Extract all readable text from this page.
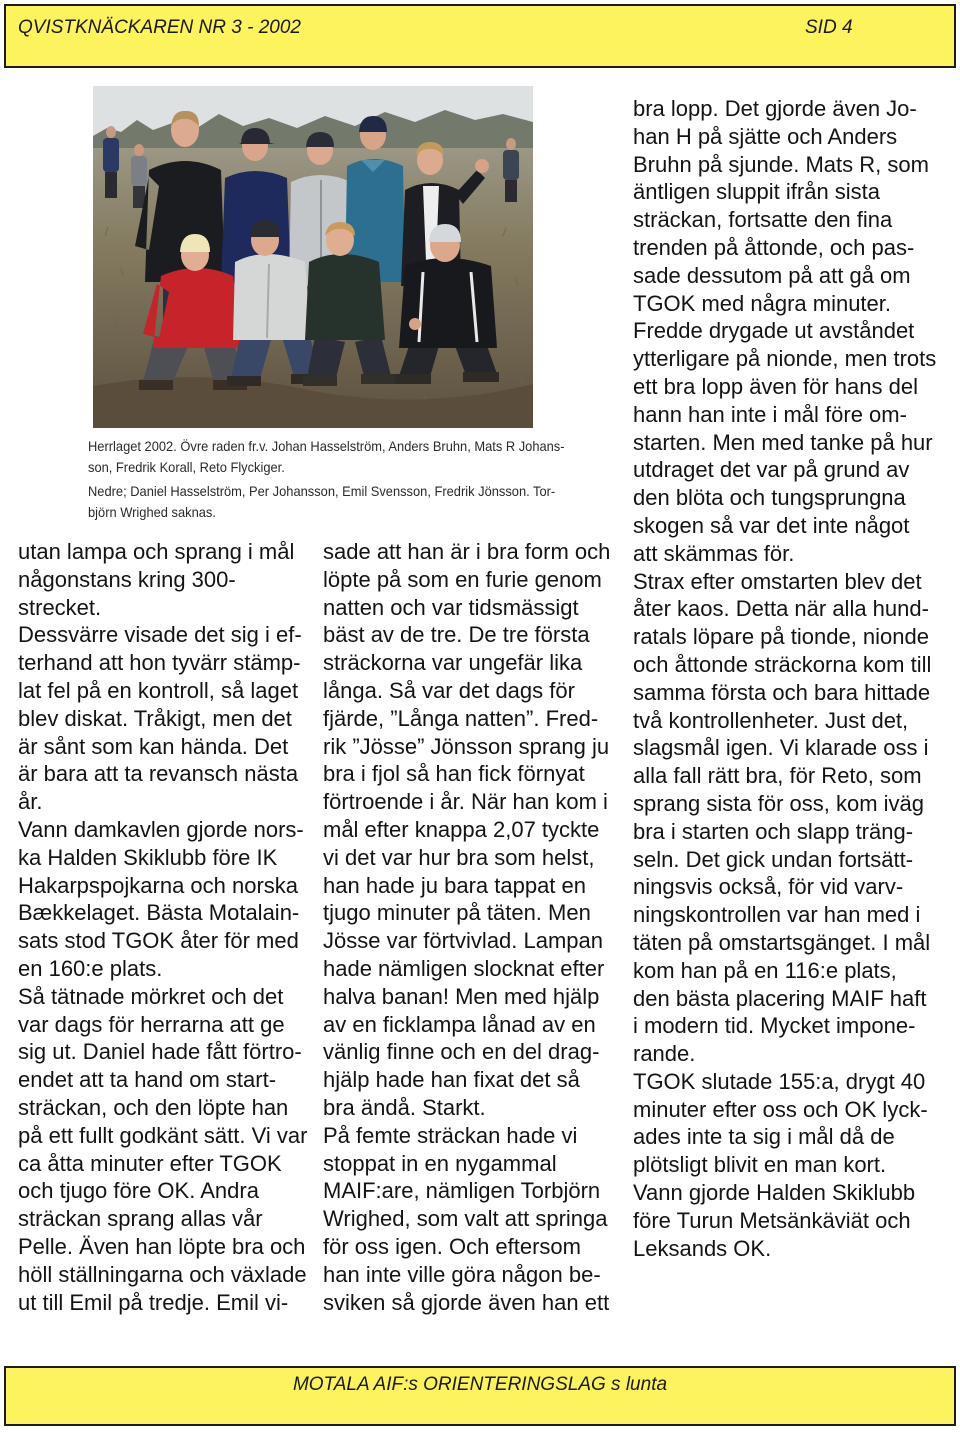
QVISTKNÄCKAREN NR 3 - 2002	SID 4
Herrlaget 2002. Övre raden fr.v. Johan Hasselström, Anders Bruhn, Mats R Johans-
son, Fredrik Korall, Reto Flyckiger.
Nedre; Daniel Hasselström, Per Johansson, Emil Svensson, Fredrik Jönsson. Tor-
björn Wrighed saknas.
utan lampa och sprang i mål
någonstans kring 300-
strecket.
Dessvärre visade det sig i ef-
terhand att hon tyvärr stämp-
lat fel på en kontroll, så laget
blev diskat. Tråkigt, men det
är sånt som kan hända. Det
är bara att ta revansch nästa
år.
Vann damkavlen gjorde nors-
ka Halden Skiklubb före IK
Hakarpspojkarna och norska
Bækkelaget. Bästa Motalain-
sats stod TGOK åter för med
en 160:e plats.
Så tätnade mörkret och det
var dags för herrarna att ge
sig ut. Daniel hade fått förtro-
endet att ta hand om start-
sträckan, och den löpte han
på ett fullt godkänt sätt. Vi var
ca åtta minuter efter TGOK
och tjugo före OK. Andra
sträckan sprang allas vår
Pelle. Även han löpte bra och
höll ställningarna och växlade
ut till Emil på tredje. Emil vi-
sade att han är i bra form och
löpte på som en furie genom
natten och var tidsmässigt
bäst av de tre. De tre första
sträckorna var ungefär lika
långa. Så var det dags för
fjärde, ”Långa natten”. Fred-
rik ”Jösse” Jönsson sprang ju
bra i fjol så han fick förnyat
förtroende i år. När han kom i
mål efter knappa 2,07 tyckte
vi det var hur bra som helst,
han hade ju bara tappat en
tjugo minuter på täten. Men
Jösse var förtvivlad. Lampan
hade nämligen slocknat efter
halva banan! Men med hjälp
av en ficklampa lånad av en
vänlig finne och en del drag-
hjälp hade han fixat det så
bra ändå. Starkt.
På femte sträckan hade vi
stoppat in en nygammal
MAIF:are, nämligen Torbjörn
Wrighed, som valt att springa
för oss igen. Och eftersom
han inte ville göra någon be-
sviken så gjorde även han ett
bra lopp. Det gjorde även Jo-
han H på sjätte och Anders
Bruhn på sjunde. Mats R, som
äntligen sluppit ifrån sista
sträckan, fortsatte den fina
trenden på åttonde, och pas-
sade dessutom på att gå om
TGOK med några minuter.
Fredde drygade ut avståndet
ytterligare på nionde, men trots
ett bra lopp även för hans del
hann han inte i mål före om-
starten. Men med tanke på hur
utdraget det var på grund av
den blöta och tungsprungna
skogen så var det inte något
att skämmas för.
Strax efter omstarten blev det
åter kaos. Detta när alla hund-
ratals löpare på tionde, nionde
och åttonde sträckorna kom till
samma första och bara hittade
två kontrollenheter. Just det,
slagsmål igen. Vi klarade oss i
alla fall rätt bra, för Reto, som
sprang sista för oss, kom iväg
bra i starten och slapp träng-
seln. Det gick undan fortsätt-
ningsvis också, för vid varv-
ningskontrollen var han med i
täten på omstartsgänget. I mål
kom han på en 116:e plats,
den bästa placering MAIF haft
i modern tid. Mycket impone-
rande.
TGOK slutade 155:a, drygt 40
minuter efter oss och OK lyck-
ades inte ta sig i mål då de
plötsligt blivit en man kort.
Vann gjorde Halden Skiklubb
före Turun Metsänkäviät och
Leksands OK.
MOTALA AIF:s ORIENTERINGSLAG s lunta
